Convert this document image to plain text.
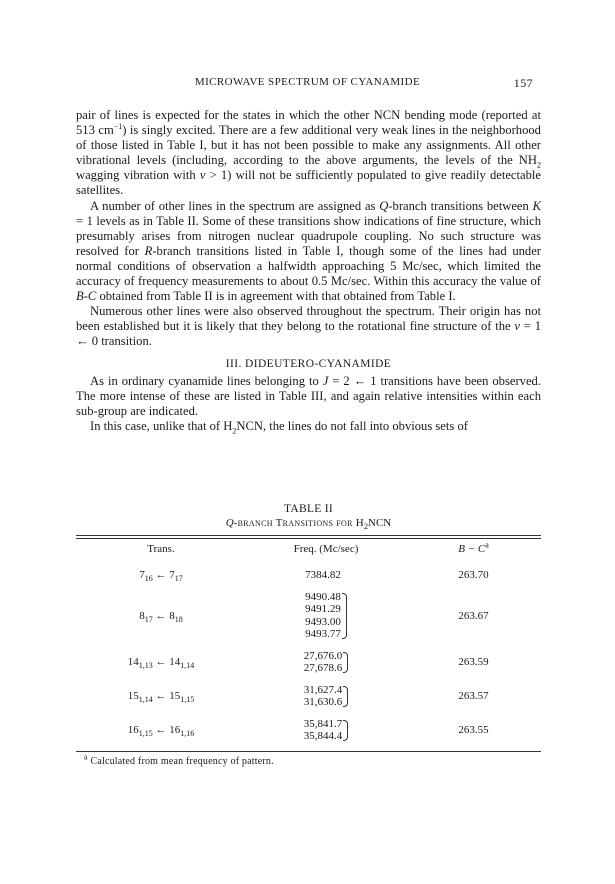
MICROWAVE SPECTRUM OF CYANAMIDE	157

pair of lines is expected for the states in which the other NCN bending mode (reported at 513 $cm^{-1}$) is singly excited. There are a few additional very weak lines in the neighborhood of those listed in Table I, but it has not been possible to make any assignments. All other vibrational levels (including, according to the above arguments, the levels of the $NH_2$ wagging vibration with v > 1) will not be sufficiently populated to give readily detectable satellites.

A number of other lines in the spectrum are assigned as Q-branch transitions between K = 1 levels as in Table II. Some of these transitions show indications of fine structure, which presumably arises from nitrogen nuclear quadrupole coupling. No such structure was resolved for R-branch transitions listed in Table I, though some of the lines had under normal conditions of observation a halfwidth approaching 5 Mc/sec, which limited the accuracy of frequency measurements to about 0.5 Mc/sec. Within this accuracy the value of B-C obtained from Table II is in agreement with that obtained from Table I.

Numerous other lines were also observed throughout the spectrum. Their origin has not been established but it is likely that they belong to the rotational fine structure of the v = 1 ← 0 transition.

III. DIDEUTERO-CYANAMIDE

As in ordinary cyanamide lines belonging to J = 2 ← 1 transitions have been observed. The more intense of these are listed in Table III, and again relative intensities within each sub-group are indicated.

In this case, unlike that of $H_2NCN$, the lines do not fall into obvious sets of

TABLE II
Q-branch Transitions for $H_2NCN$
Trans.	Freq. (Mc/sec)	$B - C^a$
$7_{16}$ ← $7_{17}$	7384.82	263.70
$8_{17}$ ← $8_{18}$	9490.48
9491.29
9493.00
9493.77	263.67
$14_{1,13}$ ← $14_{1,14}$	27,676.0
27,678.6	263.59
$15_{1,14}$ ← $15_{1,15}$	31,627.4
31,630.6	263.57
$16_{1,15}$ ← $16_{1,16}$	35,841.7
35,844.4	263.55
$^a$ Calculated from mean frequency of pattern.
